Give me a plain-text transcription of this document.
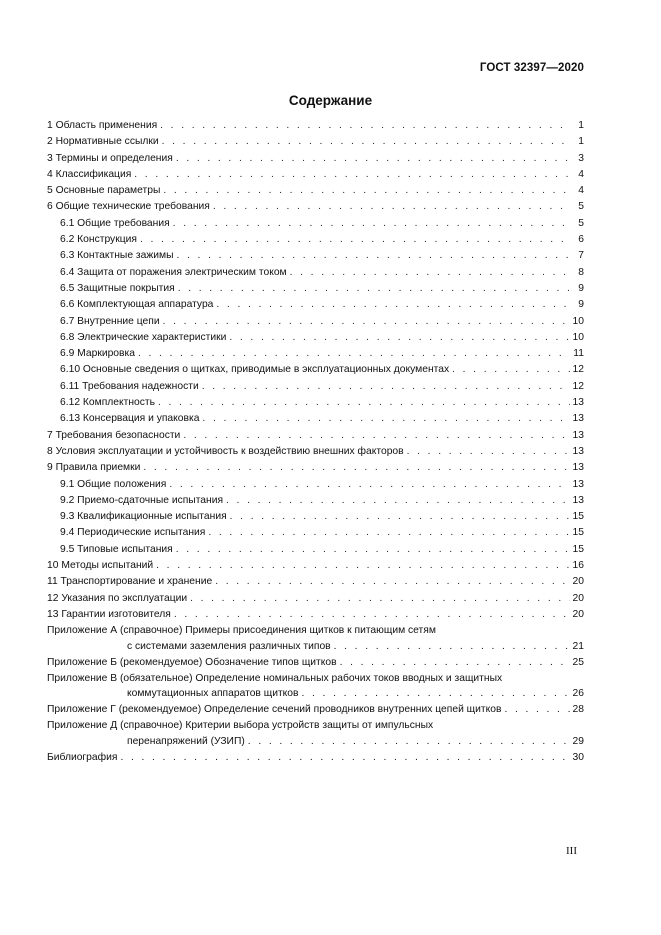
ГОСТ 32397—2020
Содержание
1 Область применения . . .	1
2 Нормативные ссылки . . .	1
3 Термины и определения . . .	3
4 Классификация . . .	4
5 Основные параметры . . .	4
6 Общие технические требования . . .	5
6.1 Общие требования . . .	5
6.2 Конструкция . . .	6
6.3 Контактные зажимы . . .	7
6.4 Защита от поражения электрическим током . . .	8
6.5 Защитные покрытия . . .	9
6.6 Комплектующая аппаратура . . .	9
6.7 Внутренние цепи . . .	10
6.8 Электрические характеристики . . .	10
6.9 Маркировка . . .	11
6.10 Основные сведения о щитках, приводимые в эксплуатационных документах . . .	12
6.11 Требования надежности . . .	12
6.12 Комплектность . . .	13
6.13 Консервация и упаковка . . .	13
7 Требования безопасности . . .	13
8 Условия эксплуатации и устойчивость к воздействию внешних факторов . . .	13
9 Правила приемки . . .	13
9.1 Общие положения . . .	13
9.2 Приемо-сдаточные испытания . . .	13
9.3 Квалификационные испытания . . .	15
9.4 Периодические испытания . . .	15
9.5 Типовые испытания . . .	15
10 Методы испытаний . . .	16
11 Транспортирование и хранение . . .	20
12 Указания по эксплуатации . . .	20
13 Гарантии изготовителя . . .	20
Приложение А (справочное) Примеры присоединения щитков к питающим сетям
с системами заземления различных типов . . .	21
Приложение Б (рекомендуемое) Обозначение типов щитков . . .	25
Приложение В (обязательное) Определение номинальных рабочих токов вводных и защитных
коммутационных аппаратов щитков . . .	26
Приложение Г (рекомендуемое) Определение сечений проводников внутренних цепей щитков . . .	28
Приложение Д (справочное) Критерии выбора устройств защиты от импульсных
перенапряжений (УЗИП) . . .	29
Библиография . . .	30
III
